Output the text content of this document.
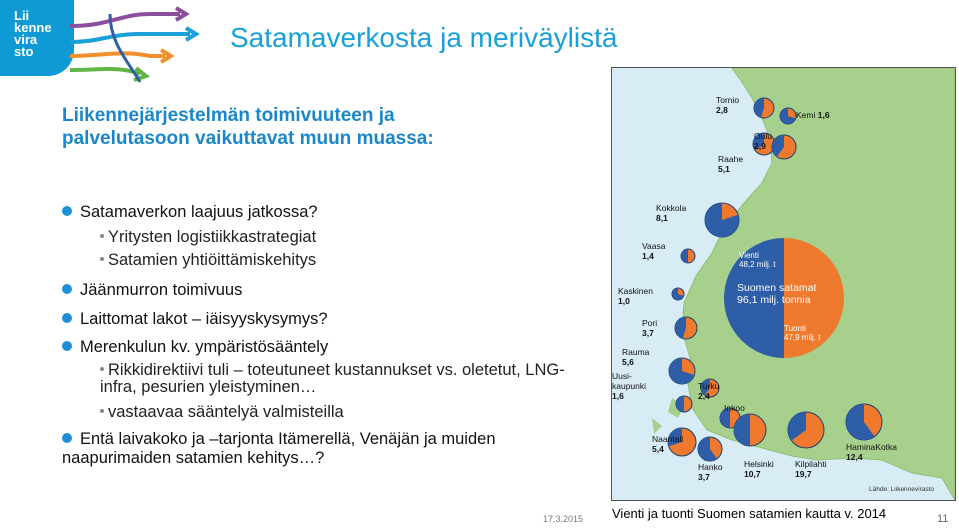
Lii
kenne
vira
sto	Satamaverkosta ja meriväylistä
Liikennejärjestelmän toimivuuteen ja palvelutasoon vaikuttavat muun muassa:
Satamaverkon laajuus jatkossa?
Yritysten logistiikkastrategiat
Satamien yhtiöittämiskehitys
Jäänmurron toimivuus
Laittomat lakot – iäisyyskysymys?
Merenkulun kv. ympäristösääntely
Rikkidirektiivi tuli – toteutuneet kustannukset vs. oletetut, LNG-infra, pesurien yleistyminen…
vastaavaa sääntelyä valmisteilla
Entä laivakoko ja –tarjonta Itämerellä, Venäjän ja muiden naapurimaiden satamien kehitys…?
17.3.2015	11
Tornio
2,8	Kemi 1,6
Oulu
2,9
Raahe
5,1
Kokkola
8,1
Vaasa
1,4
Kaskinen
1,0
Pori
3,7
Rauma
5,6
Uusi-
kaupunki
1,6
Turku
2,4
Naantali
5,4
Inkoo
Hanko
3,7
Helsinki
10,7
Kilpilahti
19,7
HaminaKotka
12,4
Vienti
48,2 milj. t
Suomen satamat
96,1 milj. tonnia
Tuonti
47,9 milj. t
Lähde: Liikennevirasto
Vienti ja tuonti Suomen satamien kautta v. 2014
